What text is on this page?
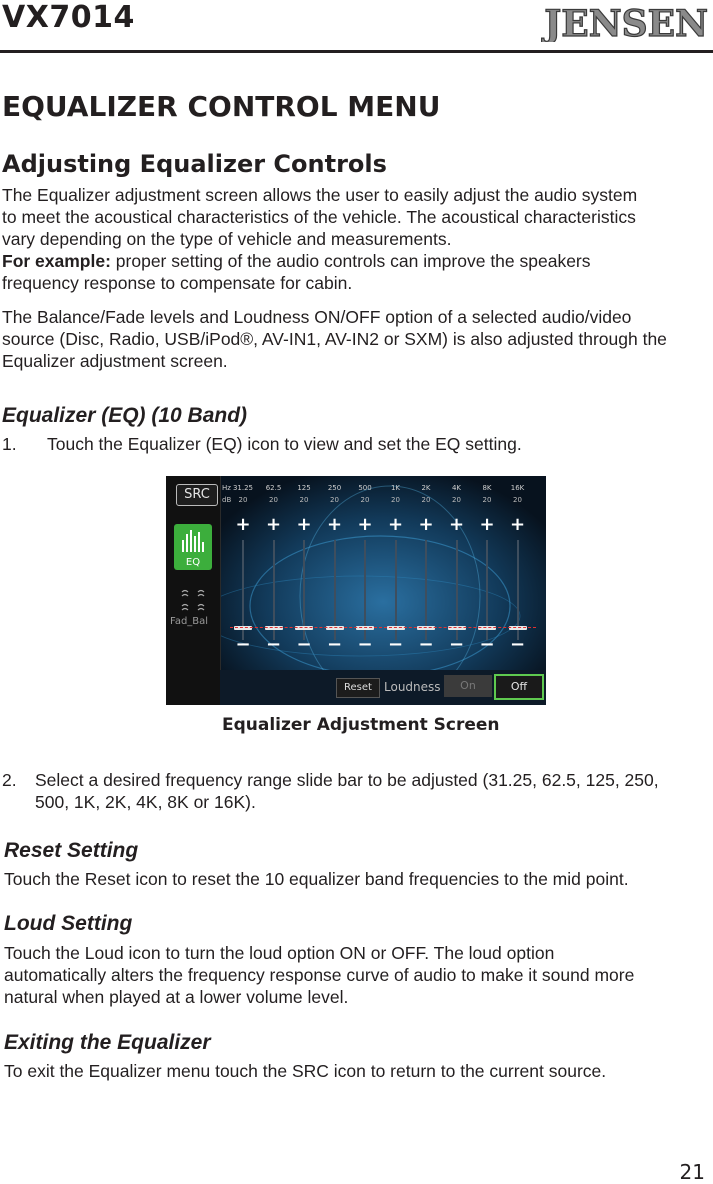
VX7014	JENSEN
EQUALIZER CONTROL MENU
Adjusting Equalizer Controls
The Equalizer adjustment screen allows the user to easily adjust the audio system
to meet the acoustical characteristics of the vehicle. The acoustical characteristics
vary depending on the type of vehicle and measurements.
For example: proper setting of the audio controls can improve the speakers
frequency response to compensate for cabin.
The Balance/Fade levels and Loudness ON/OFF option of a selected audio/video
source (Disc, Radio, USB/iPod®, AV-IN1, AV-IN2 or SXM) is also adjusted through the
Equalizer adjustment screen.
Equalizer (EQ) (10 Band)
1. Touch the Equalizer (EQ) icon to view and set the EQ setting.
SRC
EQ
Fad_Bal
Hz
dB
31.25
20
+
−
62.5
20
+
−
125
20
+
−
250
20
+
−
500
20
+
−
1K
20
+
−
2K
20
+
−
4K
20
+
−
8K
20
+
−
16K
20
+
−
Reset	Loudness	On	Off
Equalizer Adjustment Screen
2. Select a desired frequency range slide bar to be adjusted (31.25, 62.5, 125, 250,
500, 1K, 2K, 4K, 8K or 16K).
Reset Setting
Touch the Reset icon to reset the 10 equalizer band frequencies to the mid point.
Loud Setting
Touch the Loud icon to turn the loud option ON or OFF. The loud option
automatically alters the frequency response curve of audio to make it sound more
natural when played at a lower volume level.
Exiting the Equalizer
To exit the Equalizer menu touch the SRC icon to return to the current source.
21
